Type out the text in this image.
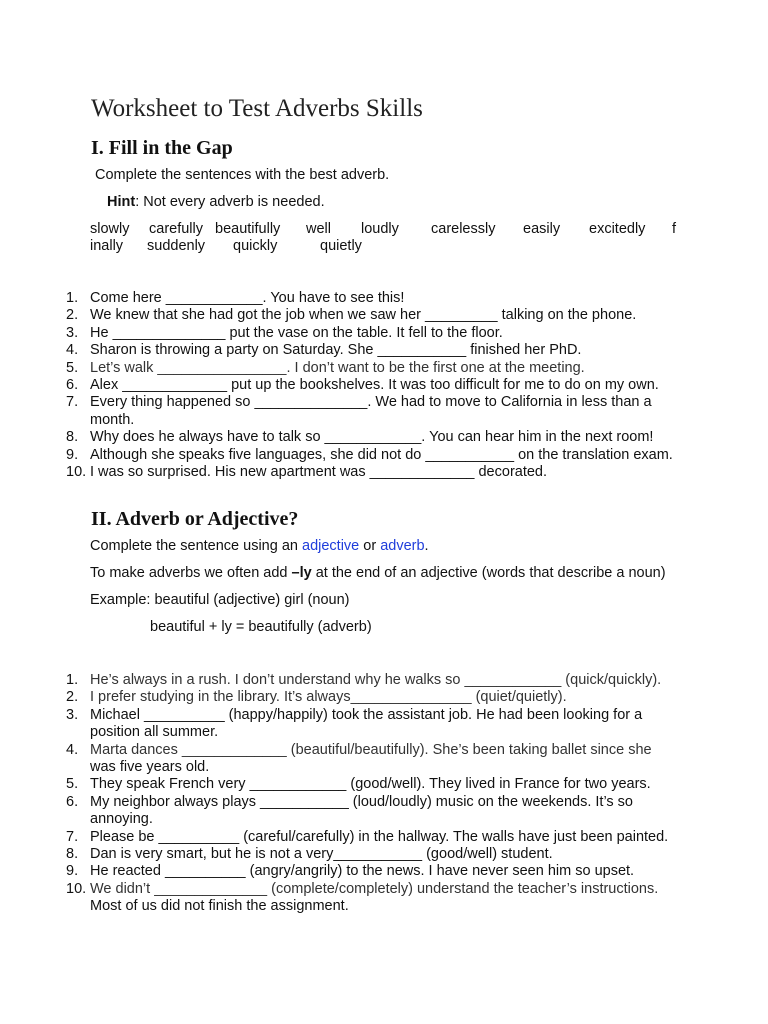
Worksheet to Test Adverbs Skills
I. Fill in the Gap
Complete the sentences with the best adverb.
Hint: Not every adverb is needed.
slowly carefully beautifully well loudly carelessly easily excitedly f
inally suddenly quickly	quietly
1. Come here ____________. You have to see this!
2. We knew that she had got the job when we saw her _________ talking on the phone.
3. He ______________ put the vase on the table. It fell to the floor.
4. Sharon is throwing a party on Saturday. She ___________ finished her PhD.
5. Let’s walk ________________. I don’t want to be the first one at the meeting.
6. Alex _____________ put up the bookshelves. It was too difficult for me to do on my own.
7. Every thing happened so ______________. We had to move to California in less than a
month.
8. Why does he always have to talk so ____________. You can hear him in the next room!
9. Although she speaks five languages, she did not do ___________ on the translation exam.
10. I was so surprised. His new apartment was _____________ decorated.
II. Adverb or Adjective?
Complete the sentence using an adjective or adverb.
To make adverbs we often add –ly at the end of an adjective (words that describe a noun)
Example: beautiful (adjective) girl (noun)
beautiful + ly = beautifully (adverb)
1. He’s always in a rush. I don’t understand why he walks so ____________ (quick/quickly).
2. I prefer studying in the library. It’s always_______________ (quiet/quietly).
3. Michael __________ (happy/happily) took the assistant job. He had been looking for a
position all summer.
4. Marta dances _____________ (beautiful/beautifully). She’s been taking ballet since she
was five years old.
5. They speak French very ____________ (good/well). They lived in France for two years.
6. My neighbor always plays ___________ (loud/loudly) music on the weekends. It’s so
annoying.
7. Please be __________ (careful/carefully) in the hallway. The walls have just been painted.
8. Dan is very smart, but he is not a very___________ (good/well) student.
9. He reacted __________ (angry/angrily) to the news. I have never seen him so upset.
10. We didn’t ______________ (complete/completely) understand the teacher’s instructions.
Most of us did not finish the assignment.
